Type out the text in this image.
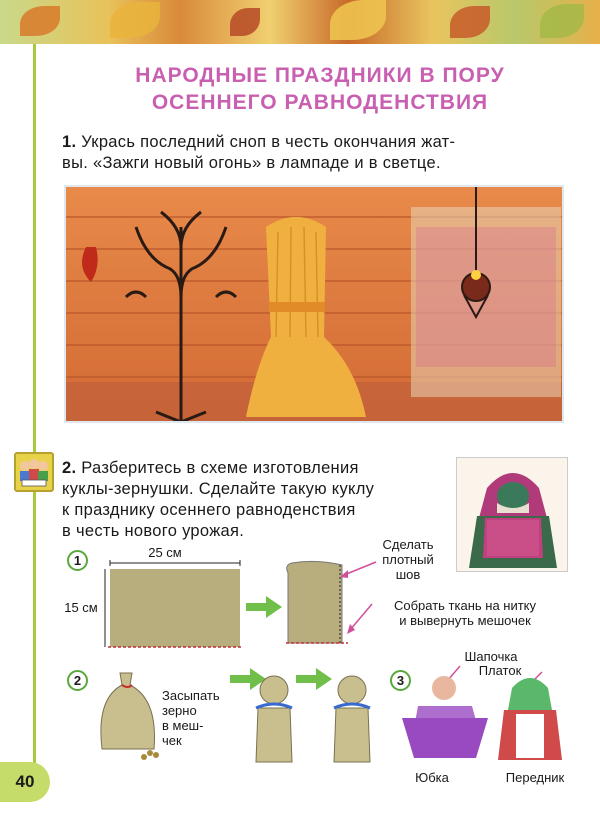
НАРОДНЫЕ ПРАЗДНИКИ В ПОРУ
ОСЕННЕГО РАВНОДЕНСТВИЯ
1. Укрась последний сноп в честь окончания жат-
вы. «Зажги новый огонь» в лампаде и в светце.
2. Разберитесь в схеме изготовления
куклы-зернушки. Сделайте такую куклу
к празднику осеннего равноденствия
в честь нового урожая.
1
25 см
15 см
Сделать
плотный
шов
Собрать ткань на нитку
и вывернуть мешочек
2
Засыпать
зерно
в меш-
чек
3
Шапочка
Платок
Юбка	Передник
40
